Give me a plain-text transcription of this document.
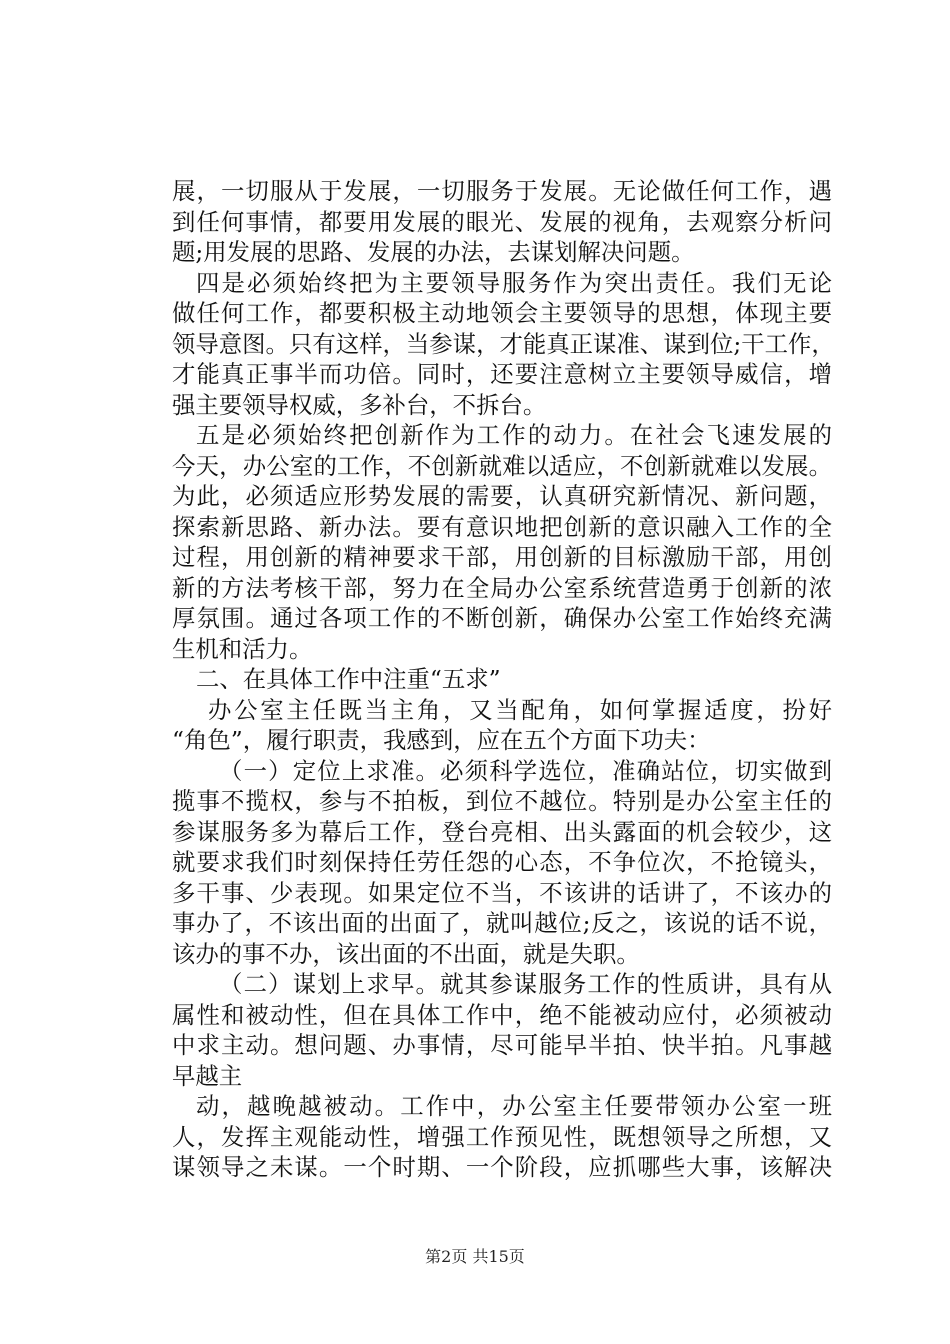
展，一切服从于发展，一切服务于发展。无论做任何工作，遇
到任何事情，都要用发展的眼光、发展的视角，去观察分析问
题;用发展的思路、发展的办法，去谋划解决问题。
四是必须始终把为主要领导服务作为突出责任。我们无论
做任何工作，都要积极主动地领会主要领导的思想，体现主要
领导意图。只有这样，当参谋，才能真正谋准、谋到位;干工作，
才能真正事半而功倍。同时，还要注意树立主要领导威信，增
强主要领导权威，多补台，不拆台。
五是必须始终把创新作为工作的动力。在社会飞速发展的
今天，办公室的工作，不创新就难以适应，不创新就难以发展。
为此，必须适应形势发展的需要，认真研究新情况、新问题，
探索新思路、新办法。要有意识地把创新的意识融入工作的全
过程，用创新的精神要求干部，用创新的目标激励干部，用创
新的方法考核干部，努力在全局办公室系统营造勇于创新的浓
厚氛围。通过各项工作的不断创新，确保办公室工作始终充满
生机和活力。
二、在具体工作中注重“五求”
办公室主任既当主角，又当配角，如何掌握适度，扮好
“角色”，履行职责，我感到，应在五个方面下功夫：
（一）定位上求准。必须科学选位，准确站位，切实做到
揽事不揽权，参与不拍板，到位不越位。特别是办公室主任的
参谋服务多为幕后工作，登台亮相、出头露面的机会较少，这
就要求我们时刻保持任劳任怨的心态，不争位次，不抢镜头，
多干事、少表现。如果定位不当，不该讲的话讲了，不该办的
事办了，不该出面的出面了，就叫越位;反之，该说的话不说，
该办的事不办，该出面的不出面，就是失职。
（二）谋划上求早。就其参谋服务工作的性质讲，具有从
属性和被动性，但在具体工作中，绝不能被动应付，必须被动
中求主动。想问题、办事情，尽可能早半拍、快半拍。凡事越
早越主
动，越晚越被动。工作中，办公室主任要带领办公室一班
人，发挥主观能动性，增强工作预见性，既想领导之所想，又
谋领导之未谋。一个时期、一个阶段，应抓哪些大事，该解决
第2页 共15页
